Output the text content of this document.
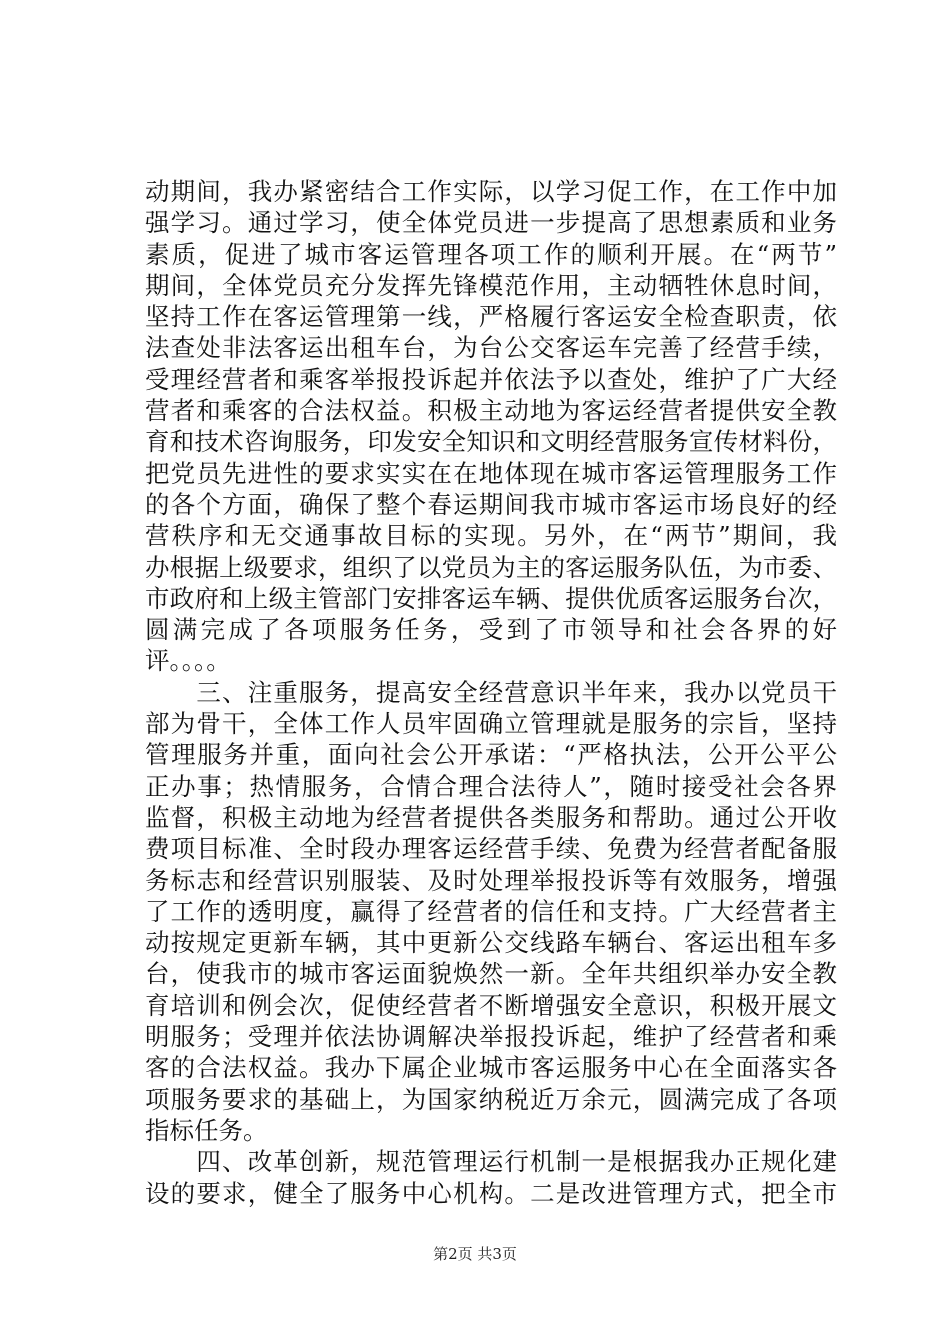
动期间，我办紧密结合工作实际，以学习促工作，在工作中加
强学习。通过学习，使全体党员进一步提高了思想素质和业务
素质，促进了城市客运管理各项工作的顺利开展。在“两节”
期间，全体党员充分发挥先锋模范作用，主动牺牲休息时间，
坚持工作在客运管理第一线，严格履行客运安全检查职责，依
法查处非法客运出租车台，为台公交客运车完善了经营手续，
受理经营者和乘客举报投诉起并依法予以查处，维护了广大经
营者和乘客的合法权益。积极主动地为客运经营者提供安全教
育和技术咨询服务，印发安全知识和文明经营服务宣传材料份，
把党员先进性的要求实实在在地体现在城市客运管理服务工作
的各个方面，确保了整个春运期间我市城市客运市场良好的经
营秩序和无交通事故目标的实现。另外，在“两节”期间，我
办根据上级要求，组织了以党员为主的客运服务队伍，为市委、
市政府和上级主管部门安排客运车辆、提供优质客运服务台次，
圆满完成了各项服务任务，受到了市领导和社会各界的好
评。。。。
　　三、注重服务，提高安全经营意识半年来，我办以党员干
部为骨干，全体工作人员牢固确立管理就是服务的宗旨，坚持
管理服务并重，面向社会公开承诺：“严格执法，公开公平公
正办事；热情服务，合情合理合法待人”，随时接受社会各界
监督，积极主动地为经营者提供各类服务和帮助。通过公开收
费项目标准、全时段办理客运经营手续、免费为经营者配备服
务标志和经营识别服装、及时处理举报投诉等有效服务，增强
了工作的透明度，赢得了经营者的信任和支持。广大经营者主
动按规定更新车辆，其中更新公交线路车辆台、客运出租车多
台，使我市的城市客运面貌焕然一新。全年共组织举办安全教
育培训和例会次，促使经营者不断增强安全意识，积极开展文
明服务；受理并依法协调解决举报投诉起，维护了经营者和乘
客的合法权益。我办下属企业城市客运服务中心在全面落实各
项服务要求的基础上，为国家纳税近万余元，圆满完成了各项
指标任务。
　　四、改革创新，规范管理运行机制一是根据我办正规化建
设的要求，健全了服务中心机构。二是改进管理方式，把全市
第2页 共3页
